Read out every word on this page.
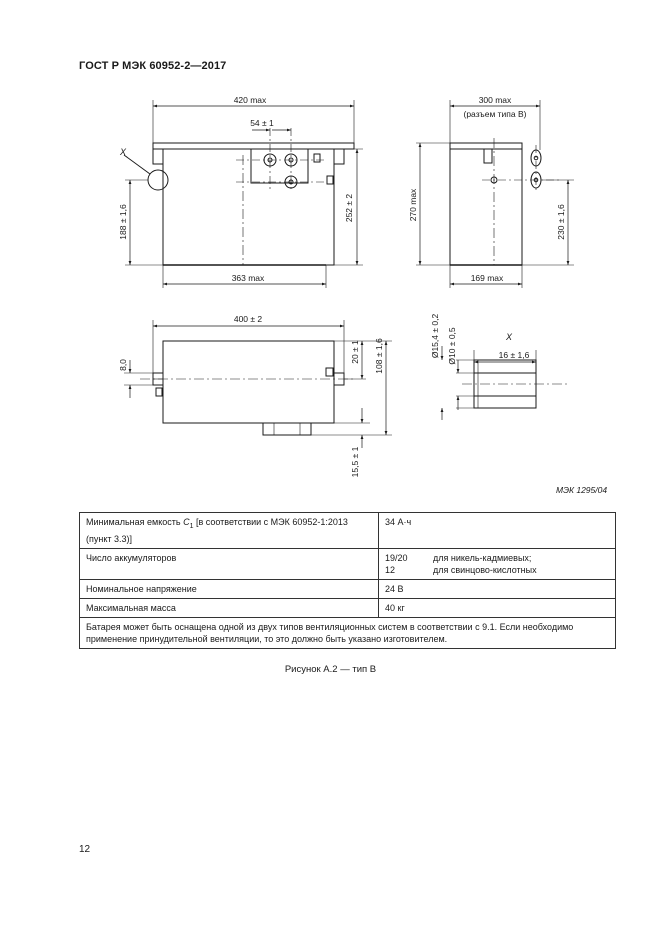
ГОСТ Р МЭК 60952-2—2017
420 max
54 ± 1
X
188 ± 1,6	252 ± 2
363 max
300 max
(разъем типа В)
270 max	230 ± 1,6
169 max
400 ± 2
8,0
20 ± 1 108 ± 1,6
15,5 ± 1
Ø15,4 ± 0,2 Ø10 ± 0,5	X
16 ± 1,6
МЭК 1295/04
Минимальная емкость $C_1$ [в соответствии с МЭК 60952-1:2013 (пункт 3.3)]	34 А·ч
Число аккумуляторов	19/20 для никель-кадмиевых;
12 для свинцово-кислотных

Номинальное напряжение	24 В
Максимальная масса	40 кг
Батарея может быть оснащена одной из двух типов вентиляционных систем в соответствии с 9.1. Если необходимо применение принудительной вентиляции, то это должно быть указано изготовителем.	
Рисунок А.2 — тип В
12
